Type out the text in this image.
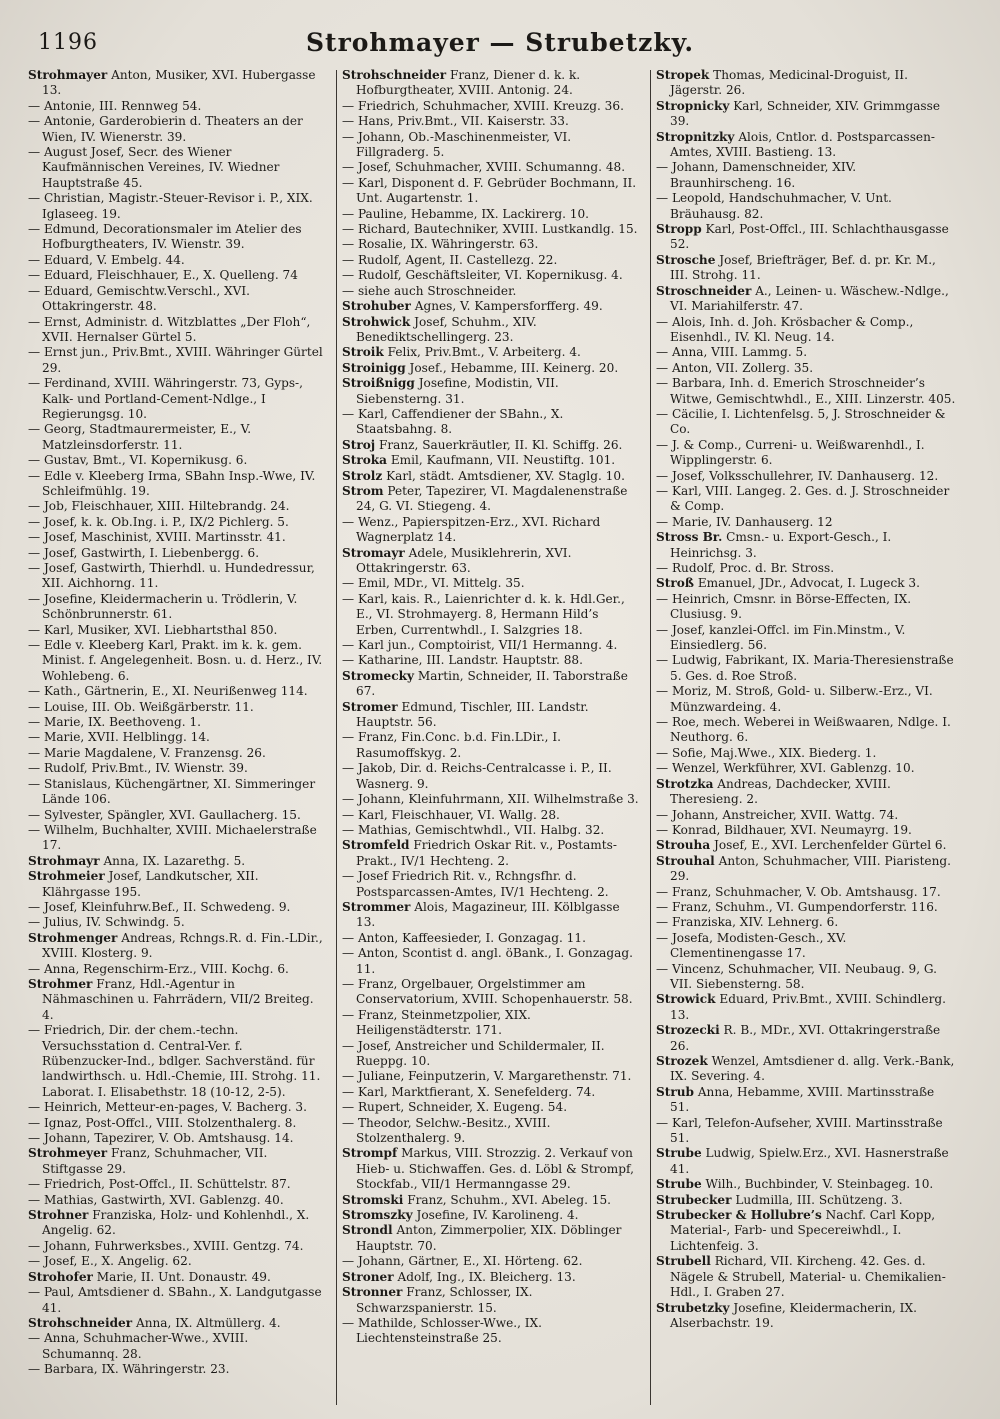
1196	Strohmayer — Strubetzky.

Strohmayer Anton, Musiker, XVI. Hubergasse 13.

— Antonie, III. Rennweg 54.

— Antonie, Garderobierin d. Theaters an der Wien, IV. Wienerstr. 39.

— August Josef, Secr. des Wiener Kaufmännischen Vereines, IV. Wiedner Hauptstraße 45.

— Christian, Magistr.-Steuer-Revisor i. P., XIX. Iglaseeg. 19.

— Edmund, Decorationsmaler im Atelier des Hofburgtheaters, IV. Wienstr. 39.

— Eduard, V. Embelg. 44.

— Eduard, Fleischhauer, E., X. Quelleng. 74

— Eduard, Gemischtw.Verschl., XVI. Ottakringerstr. 48.

— Ernst, Administr. d. Witzblattes „Der Floh“, XVII. Hernalser Gürtel 5.

— Ernst jun., Priv.Bmt., XVIII. Währinger Gürtel 29.

— Ferdinand, XVIII. Währingerstr. 73, Gyps-, Kalk- und Portland-Cement-Ndlge., I Regierungsg. 10.

— Georg, Stadtmaurermeister, E., V. Matzleinsdorferstr. 11.

— Gustav, Bmt., VI. Kopernikusg. 6.

— Edle v. Kleeberg Irma, SBahn Insp.-Wwe, IV. Schleifmühlg. 19.

— Job, Fleischhauer, XIII. Hiltebrandg. 24.

— Josef, k. k. Ob.Ing. i. P., IX/2 Pichlerg. 5.

— Josef, Maschinist, XVIII. Martinsstr. 41.

— Josef, Gastwirth, I. Liebenbergg. 6.

— Josef, Gastwirth, Thierhdl. u. Hundedressur, XII. Aichhorng. 11.

— Josefine, Kleidermacherin u. Trödlerin, V. Schönbrunnerstr. 61.

— Karl, Musiker, XVI. Liebhartsthal 850.

— Edle v. Kleeberg Karl, Prakt. im k. k. gem. Minist. f. Angelegenheit. Bosn. u. d. Herz., IV. Wohlebeng. 6.

— Kath., Gärtnerin, E., XI. Neurißenweg 114.

— Louise, III. Ob. Weißgärberstr. 11.

— Marie, IX. Beethoveng. 1.

— Marie, XVII. Helblingg. 14.

— Marie Magdalene, V. Franzensg. 26.

— Rudolf, Priv.Bmt., IV. Wienstr. 39.

— Stanislaus, Küchengärtner, XI. Simmeringer Lände 106.

— Sylvester, Spängler, XVI. Gaullacherg. 15.

— Wilhelm, Buchhalter, XVIII. Michaelerstraße 17.

Strohmayr Anna, IX. Lazarethg. 5.

Strohmeier Josef, Landkutscher, XII. Klährgasse 195.

— Josef, Kleinfuhrw.Bef., II. Schwedeng. 9.

— Julius, IV. Schwindg. 5.

Strohmenger Andreas, Rchngs.R. d. Fin.-LDir., XVIII. Klosterg. 9.

— Anna, Regenschirm-Erz., VIII. Kochg. 6.

Strohmer Franz, Hdl.-Agentur in Nähmaschinen u. Fahrrädern, VII/2 Breiteg. 4.

— Friedrich, Dir. der chem.-techn. Versuchsstation d. Central-Ver. f. Rübenzucker-Ind., bdlger. Sachverständ. für landwirthsch. u. Hdl.-Chemie, III. Strohg. 11. Laborat. I. Elisabethstr. 18 (10-12, 2-5).

— Heinrich, Metteur-en-pages, V. Bacherg. 3.

— Ignaz, Post-Offcl., VIII. Stolzenthalerg. 8.

— Johann, Tapezirer, V. Ob. Amtshausg. 14.

Strohmeyer Franz, Schuhmacher, VII. Stiftgasse 29.

— Friedrich, Post-Offcl., II. Schüttelstr. 87.

— Mathias, Gastwirth, XVI. Gablenzg. 40.

Strohner Franziska, Holz- und Kohlenhdl., X. Angelig. 62.

— Johann, Fuhrwerksbes., XVIII. Gentzg. 74.

— Josef, E., X. Angelig. 62.

Strohofer Marie, II. Unt. Donaustr. 49.

— Paul, Amtsdiener d. SBahn., X. Landgutgasse 41.

Strohschneider Anna, IX. Altmüllerg. 4.

— Anna, Schuhmacher-Wwe., XVIII. Schumannq. 28.

— Barbara, IX. Währingerstr. 23.

Strohschneider Franz, Diener d. k. k. Hofburgtheater, XVIII. Antonig. 24.

— Friedrich, Schuhmacher, XVIII. Kreuzg. 36.

— Hans, Priv.Bmt., VII. Kaiserstr. 33.

— Johann, Ob.-Maschinenmeister, VI. Fillgraderg. 5.

— Josef, Schuhmacher, XVIII. Schumanng. 48.

— Karl, Disponent d. F. Gebrüder Bochmann, II. Unt. Augartenstr. 1.

— Pauline, Hebamme, IX. Lackirerg. 10.

— Richard, Bautechniker, XVIII. Lustkandlg. 15.

— Rosalie, IX. Währingerstr. 63.

— Rudolf, Agent, II. Castellezg. 22.

— Rudolf, Geschäftsleiter, VI. Kopernikusg. 4.

— siehe auch Stroschneider.

Strohuber Agnes, V. Kampersforfferg. 49.

Strohwick Josef, Schuhm., XIV. Benediktschellingerg. 23.

Stroik Felix, Priv.Bmt., V. Arbeiterg. 4.

Stroinigg Josef., Hebamme, III. Keinerg. 20.

Stroißnigg Josefine, Modistin, VII. Siebensterng. 31.

— Karl, Caffendiener der SBahn., X. Staatsbahng. 8.

Stroj Franz, Sauerkräutler, II. Kl. Schiffg. 26.

Stroka Emil, Kaufmann, VII. Neustiftg. 101.

Strolz Karl, städt. Amtsdiener, XV. Staglg. 10.

Strom Peter, Tapezirer, VI. Magdalenenstraße 24, G. VI. Stiegeng. 4.

— Wenz., Papierspitzen-Erz., XVI. Richard Wagnerplatz 14.

Stromayr Adele, Musiklehrerin, XVI. Ottakringerstr. 63.

— Emil, MDr., VI. Mittelg. 35.

— Karl, kais. R., Laienrichter d. k. k. Hdl.Ger., E., VI. Strohmayerg. 8, Hermann Hild’s Erben, Currentwhdl., I. Salzgries 18.

— Karl jun., Comptoirist, VII/1 Hermanng. 4.

— Katharine, III. Landstr. Hauptstr. 88.

Stromecky Martin, Schneider, II. Taborstraße 67.

Stromer Edmund, Tischler, III. Landstr. Hauptstr. 56.

— Franz, Fin.Conc. b.d. Fin.LDir., I. Rasumoffskyg. 2.

— Jakob, Dir. d. Reichs-Centralcasse i. P., II. Wasnerg. 9.

— Johann, Kleinfuhrmann, XII. Wilhelmstraße 3.

— Karl, Fleischhauer, VI. Wallg. 28.

— Mathias, Gemischtwhdl., VII. Halbg. 32.

Stromfeld Friedrich Oskar Rit. v., Postamts-Prakt., IV/1 Hechteng. 2.

— Josef Friedrich Rit. v., Rchngsfhr. d. Postsparcassen-Amtes, IV/1 Hechteng. 2.

Strommer Alois, Magazineur, III. Kölblgasse 13.

— Anton, Kaffeesieder, I. Gonzagag. 11.

— Anton, Scontist d. angl. öBank., I. Gonzagag. 11.

— Franz, Orgelbauer, Orgelstimmer am Conservatorium, XVIII. Schopenhauerstr. 58.

— Franz, Steinmetzpolier, XIX. Heiligenstädterstr. 171.

— Josef, Anstreicher und Schildermaler, II. Rueppg. 10.

— Juliane, Feinputzerin, V. Margarethenstr. 71.

— Karl, Marktfierant, X. Senefelderg. 74.

— Rupert, Schneider, X. Eugeng. 54.

— Theodor, Selchw.-Besitz., XVIII. Stolzenthalerg. 9.

Strompf Markus, VIII. Strozzig. 2. Verkauf von Hieb- u. Stichwaffen. Ges. d. Löbl & Strompf, Stockfab., VII/1 Hermanngasse 29.

Stromski Franz, Schuhm., XVI. Abeleg. 15.

Stromszky Josefine, IV. Karolineng. 4.

Strondl Anton, Zimmerpolier, XIX. Döblinger Hauptstr. 70.

— Johann, Gärtner, E., XI. Hörteng. 62.

Stroner Adolf, Ing., IX. Bleicherg. 13.

Stronner Franz, Schlosser, IX. Schwarzspanierstr. 15.

— Mathilde, Schlosser-Wwe., IX. Liechtensteinstraße 25.

Stropek Thomas, Medicinal-Droguist, II. Jägerstr. 26.

Stropnicky Karl, Schneider, XIV. Grimmgasse 39.

Stropnitzky Alois, Cntlor. d. Postsparcassen-Amtes, XVIII. Bastieng. 13.

— Johann, Damenschneider, XIV. Braunhirscheng. 16.

— Leopold, Handschuhmacher, V. Unt. Bräuhausg. 82.

Stropp Karl, Post-Offcl., III. Schlachthausgasse 52.

Strosche Josef, Briefträger, Bef. d. pr. Kr. M., III. Strohg. 11.

Stroschneider A., Leinen- u. Wäschew.-Ndlge., VI. Mariahilferstr. 47.

— Alois, Inh. d. Joh. Krösbacher & Comp., Eisenhdl., IV. Kl. Neug. 14.

— Anna, VIII. Lammg. 5.

— Anton, VII. Zollerg. 35.

— Barbara, Inh. d. Emerich Stroschneider’s Witwe, Gemischtwhdl., E., XIII. Linzerstr. 405.

— Cäcilie, I. Lichtenfelsg. 5, J. Stroschneider & Co.

— J. & Comp., Curreni- u. Weißwarenhdl., I. Wipplingerstr. 6.

— Josef, Volksschullehrer, IV. Danhauserg. 12.

— Karl, VIII. Langeg. 2. Ges. d. J. Stroschneider & Comp.

— Marie, IV. Danhauserg. 12

Stross Br. Cmsn.- u. Export-Gesch., I. Heinrichsg. 3.

— Rudolf, Proc. d. Br. Stross.

Stroß Emanuel, JDr., Advocat, I. Lugeck 3.

— Heinrich, Cmsnr. in Börse-Effecten, IX. Clusiusg. 9.

— Josef, kanzlei-Offcl. im Fin.Minstm., V. Einsiedlerg. 56.

— Ludwig, Fabrikant, IX. Maria-Theresienstraße 5. Ges. d. Roe Stroß.

— Moriz, M. Stroß, Gold- u. Silberw.-Erz., VI. Münzwardeing. 4.

— Roe, mech. Weberei in Weißwaaren, Ndlge. I. Neuthorg. 6.

— Sofie, Maj.Wwe., XIX. Biederg. 1.

— Wenzel, Werkführer, XVI. Gablenzg. 10.

Strotzka Andreas, Dachdecker, XVIII. Theresieng. 2.

— Johann, Anstreicher, XVII. Wattg. 74.

— Konrad, Bildhauer, XVI. Neumayrg. 19.

Strouha Josef, E., XVI. Lerchenfelder Gürtel 6.

Strouhal Anton, Schuhmacher, VIII. Piaristeng. 29.

— Franz, Schuhmacher, V. Ob. Amtshausg. 17.

— Franz, Schuhm., VI. Gumpendorferstr. 116.

— Franziska, XIV. Lehnerg. 6.

— Josefa, Modisten-Gesch., XV. Clementinengasse 17.

— Vincenz, Schuhmacher, VII. Neubaug. 9, G. VII. Siebensterng. 58.

Strowick Eduard, Priv.Bmt., XVIII. Schindlerg. 13.

Strozecki R. B., MDr., XVI. Ottakringerstraße 26.

Strozek Wenzel, Amtsdiener d. allg. Verk.-Bank, IX. Severing. 4.

Strub Anna, Hebamme, XVIII. Martinsstraße 51.

— Karl, Telefon-Aufseher, XVIII. Martinsstraße 51.

Strube Ludwig, Spielw.Erz., XVI. Hasnerstraße 41.

Strube Wilh., Buchbinder, V. Steinbageg. 10.

Strubecker Ludmilla, III. Schützeng. 3.

Strubecker & Hollubre’s Nachf. Carl Kopp, Material-, Farb- und Specereiwhdl., I. Lichtenfeig. 3.

Strubell Richard, VII. Kircheng. 42. Ges. d. Nägele & Strubell, Material- u. Chemikalien-Hdl., I. Graben 27.

Strubetzky Josefine, Kleidermacherin, IX. Alserbachstr. 19.
